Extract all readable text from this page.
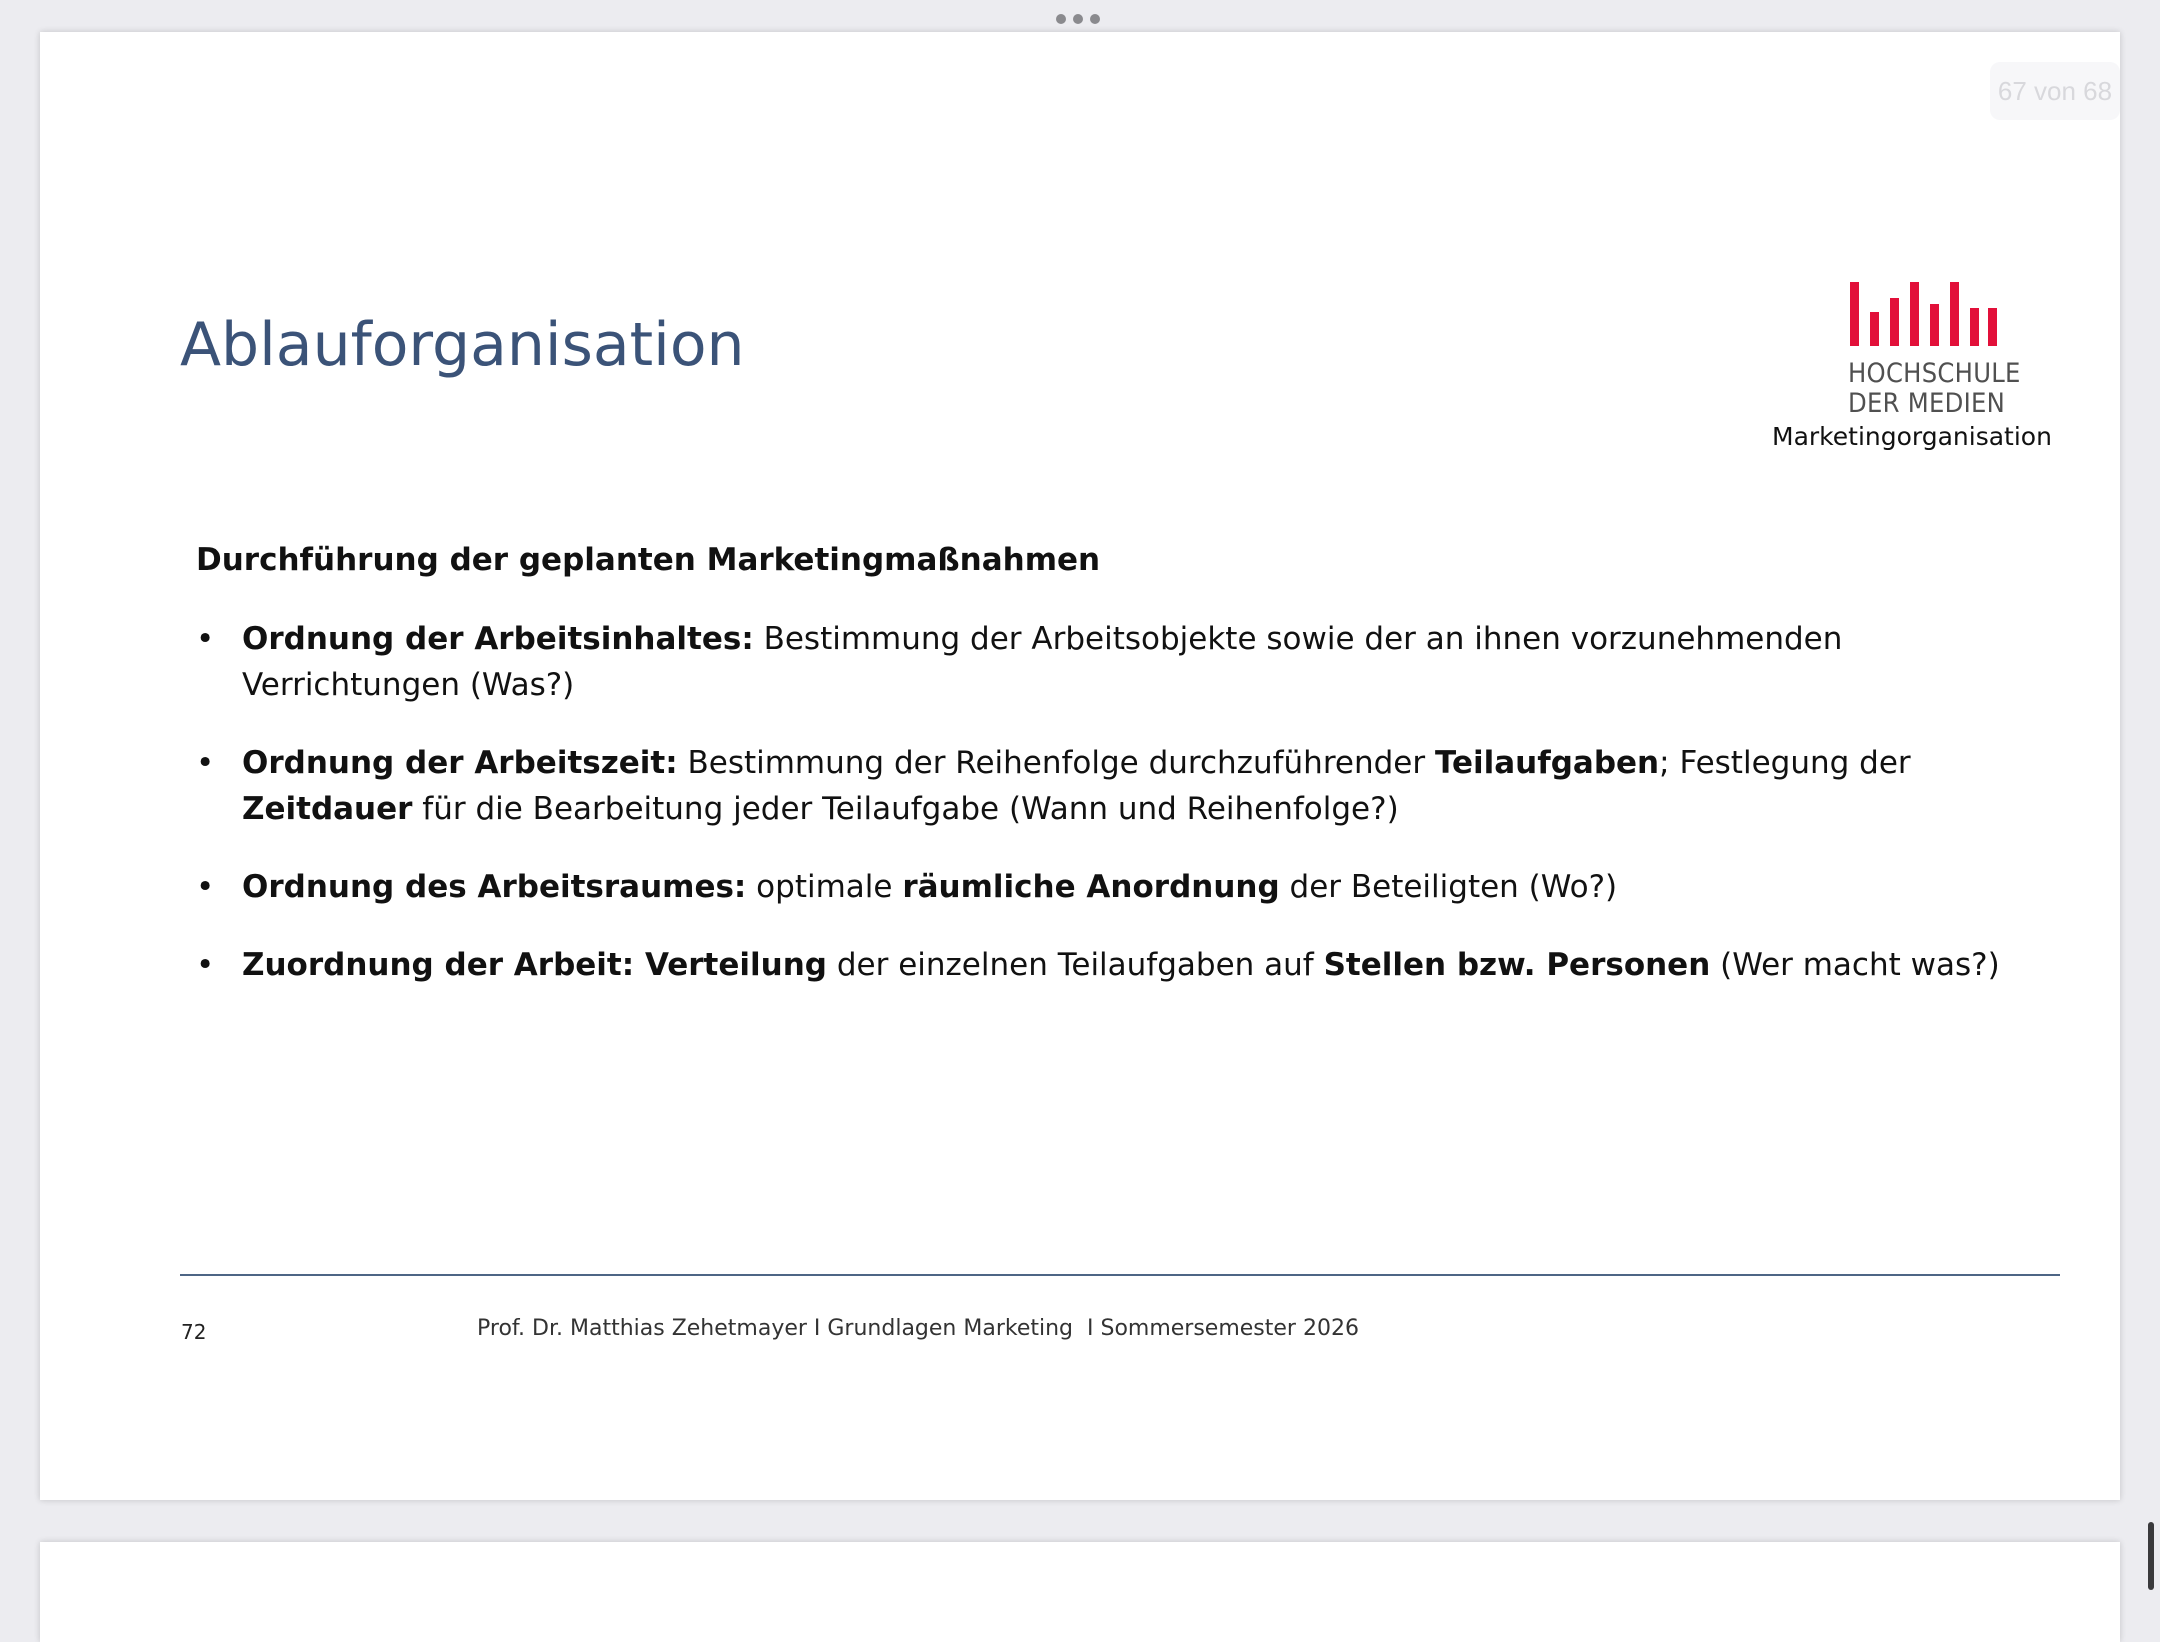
Ablauforganisation	HOCHSCHULE
DER MEDIEN
Marketingorganisation

Durchführung der geplanten Marketingmaßnahmen

• Ordnung der Arbeitsinhaltes: Bestimmung der Arbeitsobjekte sowie der an ihnen vorzunehmenden Verrichtungen (Was?)
• Ordnung der Arbeitszeit: Bestimmung der Reihenfolge durchzuführender Teilaufgaben; Festlegung der Zeitdauer für die Bearbeitung jeder Teilaufgabe (Wann und Reihenfolge?)
• Ordnung des Arbeitsraumes: optimale räumliche Anordnung der Beteiligten (Wo?)
• Zuordnung der Arbeit: Verteilung der einzelnen Teilaufgaben auf Stellen bzw. Personen (Wer macht was?)
72	Prof. Dr. Matthias Zehetmayer I Grundlagen Marketing  I Sommersemester 2026
67 von 68
